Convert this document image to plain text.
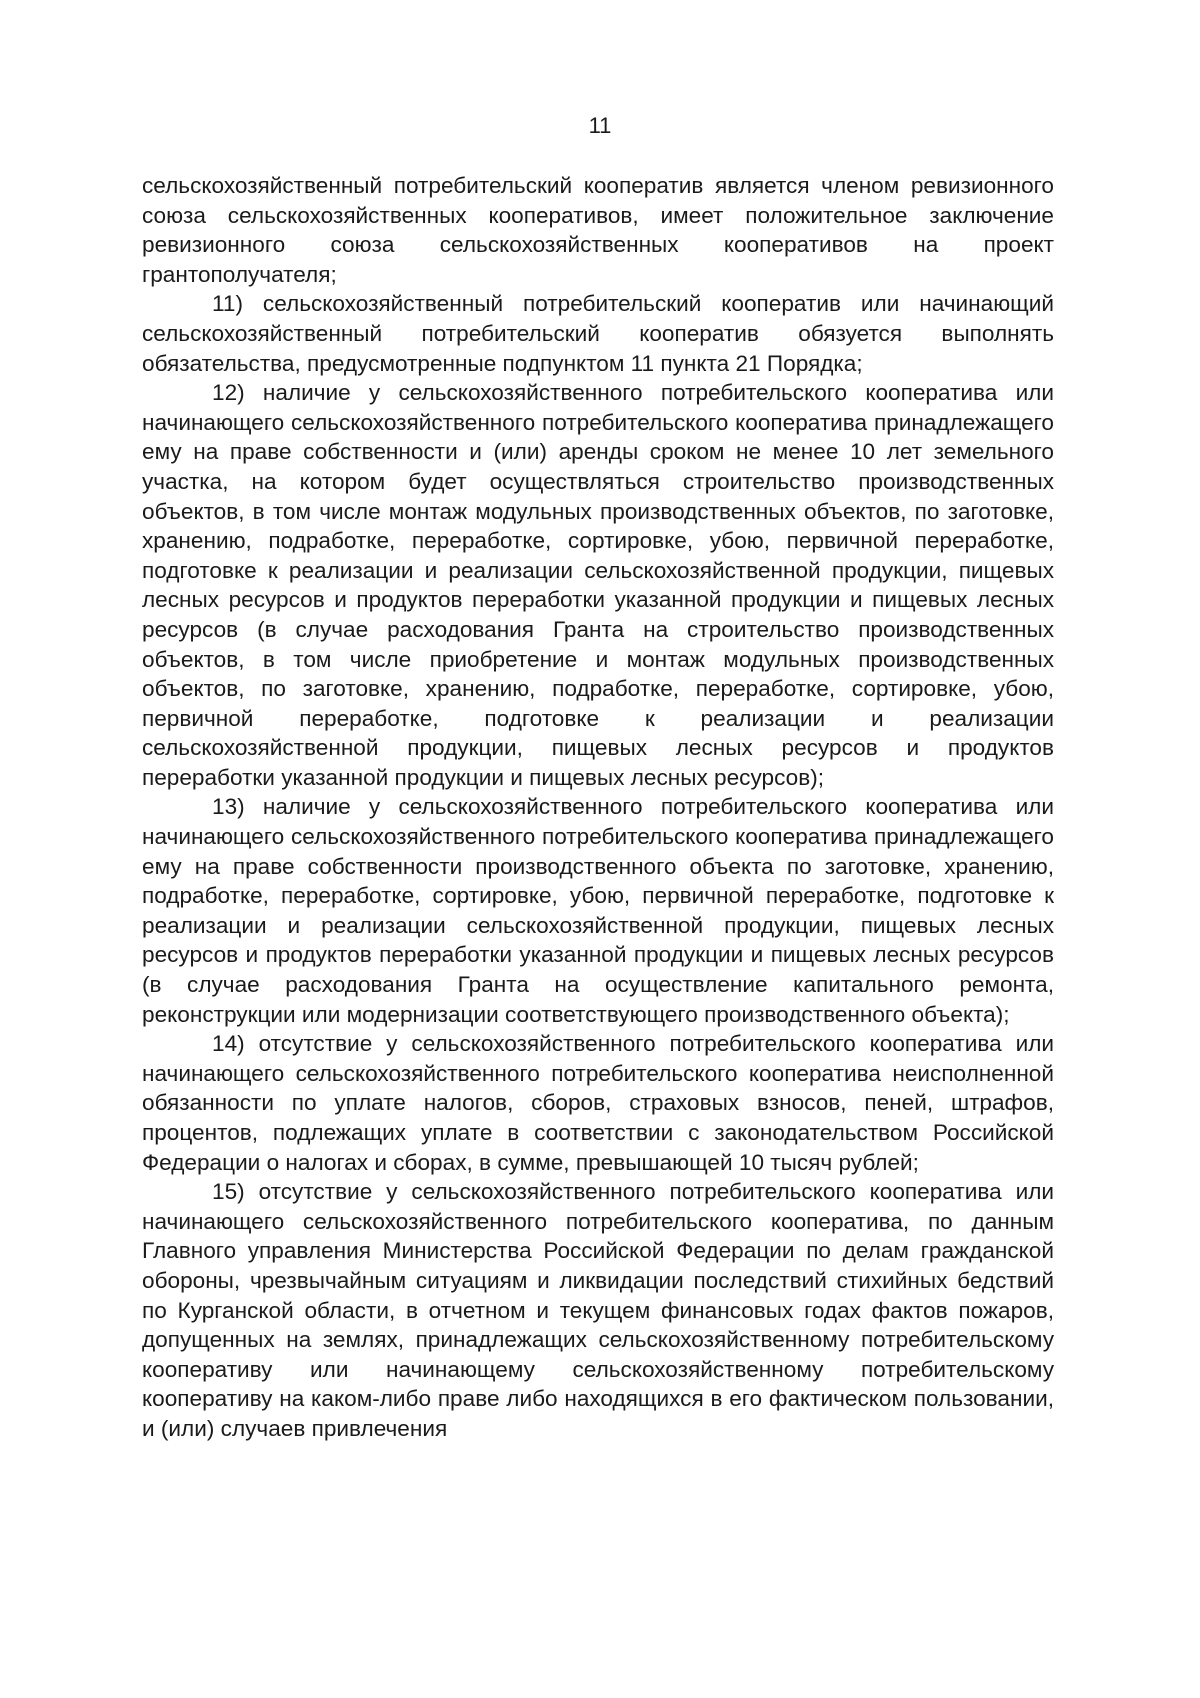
11

сельскохозяйственный потребительский кооператив является членом ревизионного союза сельскохозяйственных кооперативов, имеет положительное заключение ревизионного союза сельскохозяйственных кооперативов на проект грантополучателя;

11) сельскохозяйственный потребительский кооператив или начинающий сельскохозяйственный потребительский кооператив обязуется выполнять обязательства, предусмотренные подпунктом 11 пункта 21 Порядка;

12) наличие у сельскохозяйственного потребительского кооператива или начинающего сельскохозяйственного потребительского кооператива принадлежащего ему на праве собственности и (или) аренды сроком не менее 10 лет земельного участка, на котором будет осуществляться строительство производственных объектов, в том числе монтаж модульных производственных объектов, по заготовке, хранению, подработке, переработке, сортировке, убою, первичной переработке, подготовке к реализации и реализации сельскохозяйственной продукции, пищевых лесных ресурсов и продуктов переработки указанной продукции и пищевых лесных ресурсов (в случае расходования Гранта на строительство производственных объектов, в том числе приобретение и монтаж модульных производственных объектов, по заготовке, хранению, подработке, переработке, сортировке, убою, первичной переработке, подготовке к реализации и реализации сельскохозяйственной продукции, пищевых лесных ресурсов и продуктов переработки указанной продукции и пищевых лесных ресурсов);

13) наличие у сельскохозяйственного потребительского кооператива или начинающего сельскохозяйственного потребительского кооператива принадлежащего ему на праве собственности производственного объекта по заготовке, хранению, подработке, переработке, сортировке, убою, первичной переработке, подготовке к реализации и реализации сельскохозяйственной продукции, пищевых лесных ресурсов и продуктов переработки указанной продукции и пищевых лесных ресурсов (в случае расходования Гранта на осуществление капитального ремонта, реконструкции или модернизации соответствующего производственного объекта);

14) отсутствие у сельскохозяйственного потребительского кооператива или начинающего сельскохозяйственного потребительского кооператива неисполненной обязанности по уплате налогов, сборов, страховых взносов, пеней, штрафов, процентов, подлежащих уплате в соответствии с законодательством Российской Федерации о налогах и сборах, в сумме, превышающей 10 тысяч рублей;

15) отсутствие у сельскохозяйственного потребительского кооператива или начинающего сельскохозяйственного потребительского кооператива, по данным Главного управления Министерства Российской Федерации по делам гражданской обороны, чрезвычайным ситуациям и ликвидации последствий стихийных бедствий по Курганской области, в отчетном и текущем финансовых годах фактов пожаров, допущенных на землях, принадлежащих сельскохозяйственному потребительскому кооперативу или начинающему сельскохозяйственному потребительскому кооперативу на каком-либо праве либо находящихся в его фактическом пользовании, и (или) случаев привлечения
